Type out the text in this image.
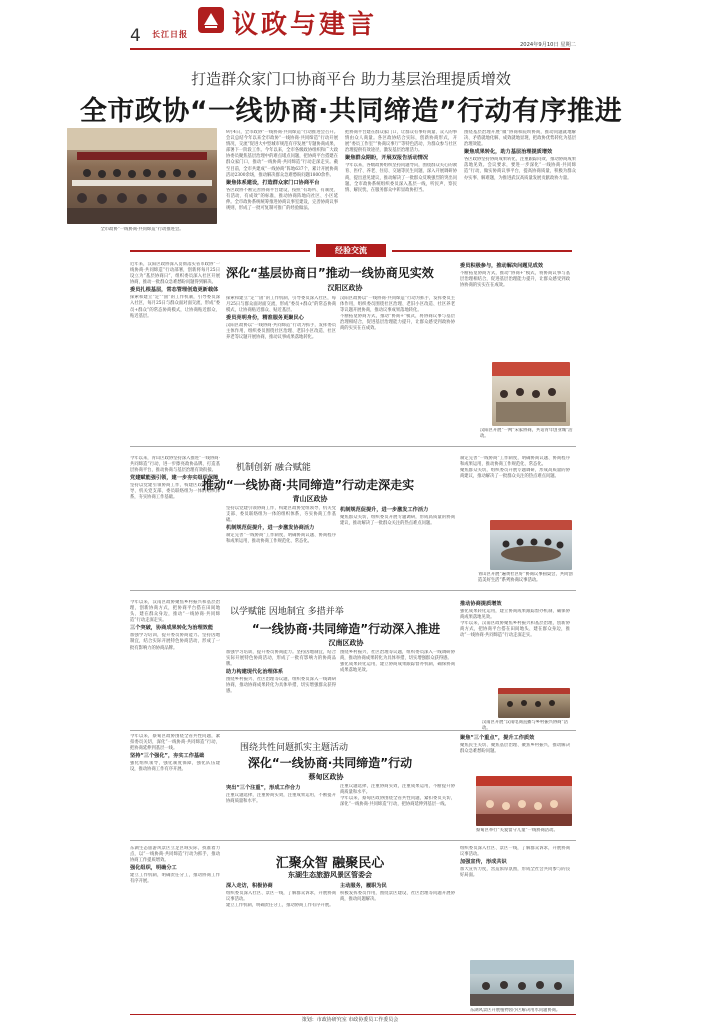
4 长江日报 议政与建言
2024年9月10日 星期二
打造群众家门口协商平台 助力基层治理提质增效
全市政协“一线协商·共同缔造”行动有序推进
全市政协“一线协商·共同缔造”行动推进会。
9月4日，全市政协“一线协商·共同缔造”行动推进会召开。会议总结今年以来全市政协“一线协商·共同缔造”行动开展情况，交流“促进大中型城市规范有序发展”专题协商成果，部署下一阶段工作。今年以来，全市各级政协组织和广大政协委员聚焦基层治理中的难点堵点问题，把协商平台搭建在群众家门口，推动“一线协商·共同缔造”行动走深走实。截至目前，全市共建成“一线协商”阵地637个，累计开展协商活动2300余场，推动解决群众急难愁盼问题1800余件。
聚焦体系建设，打造群众家门口协商平台
各区政协不断完善协商平台建设，按照“有场所、有制度、有活动、有成效”的标准，推动协商阵地向社区、小区延伸。全市政协系统统筹推进协商议事室建设，完善协商议事规则，形成了一批可复制可推广的经验做法。
把协商平台建在群众家门口，让群众有事好商量、众人的事情由众人商量。各区政协结合实际，创新协商形式，开展“委员工作室”“协商议事厅”等特色活动，为群众参与社区治理提供有效途径，激发基层治理活力。
聚焦群众期盼，开展双报告活动情况
今年以来，各级政协组织坚持问题导向，围绕群众关心的教育、医疗、养老、住房、交通等民生问题，深入开展调研协商，提出意见建议，推动解决了一批群众反映强烈的突出问题。全市政协系统组织委员深入基层一线，听民声、察民情、解民忧，在服务群众中彰显政协担当。
围绕基层治理开展“微”协商和院坝协商，推动问题就地解决、矛盾就地化解、成效就地显现，把政协优势转化为基层治理效能。
聚焦成果转化，助力基层治理提质增效
各区政协坚持协商成果转化，注重跟踪问效，推动协商成果落地见效。会议要求，要进一步深化“一线协商·共同缔造”行动，做实协商议事平台，提高协商质量，积极为群众办实事、解难题，为推进武汉高质量发展贡献政协力量。
经验交流
深化“基层协商日”推动一线协商见实效
汉阳区政协
近年来，汉阳区政协深入贯彻落实省市政协“一线协商·共同缔造”行动部署，创新将每月25日设立为“基层协商日”，组织委员深入社区开展协商，推动一批群众急难愁盼问题得到解决。
委员扎根基层，常态管理创造更新载体
探索和建立“定”“固”的工作机制，引导委员深入社区，每月25日与群众面对面交流，形成“委员+群众”的常态协商模式，让协商贴近群众、贴近基层。
探索和建立“定”“固”的工作机制，引导委员深入社区，每月25日与群众面对面交流，形成“委员+群众”的常态协商模式，让协商贴近群众、贴近基层。
委员亮明身份，精准服务更聚民心
汉阳区政协以“一线协商·共同缔造”行动为抓手，发挥委员主体作用，组织委员围绕社区治理、老旧小区改造、社区养老等议题开展协商，推动议事成果落地转化。
汉阳区政协以“一线协商·共同缔造”行动为抓手，发挥委员主体作用，组织委员围绕社区治理、老旧小区改造、社区养老等议题开展协商，推动议事成果落地转化。
不断拓宽协商方式，推动“协商+”模式，将协商议事与基层治理相结合，促进基层治理能力提升，让群众感受到政协协商的实实在在成效。
委员积极参与，推动解决问题见成效
不断拓宽协商方式，推动“协商+”模式，将协商议事与基层治理相结合，促进基层治理能力提升，让群众感受到政协协商的实实在在成效。
汉阳区开展“一网”宋家协商，共话青年创业城”活动。
机制创新 融合赋能
推动“一线协商·共同缔造”行动走深走实
青山区政协
今年以来，青山区政协坚持深入推进“一线协商·共同缔造”行动，进一步擦亮政协品牌，打造基层协商平台，推动协商与基层治理有效衔接。
党建赋能强引领，建一步夯实组织保障
坚持以党建引领协商工作，构建区政协党组领导、机关党支部、委员联络组为一体的组织体系，夯实协商工作基础。
坚持以党建引领协商工作，构建区政协党组领导、机关党支部、委员联络组为一体的组织体系，夯实协商工作基础。
机制规范促提升，进一步激发协商活力
制定完善“一线协商”工作制度，明确协商议题、协商程序和成果运用，推动协商工作规范化、常态化。
机制规范促提升，进一步激发工作活力
聚焦群众关切，组织委员开展专题调研，形成高质量的协商建议，推动解决了一批群众关注的热点难点问题。
制定完善“一线协商”工作制度，明确协商议题、协商程序和成果运用，推动协商工作规范化、常态化。
聚焦群众关切，组织委员开展专题调研，形成高质量的协商建议，推动解决了一批群众关注的热点难点问题。
青山区开展“遍黄社区好”协商议事圆桌会，共同创造美好生活”系列协商议事活动。
以学赋能 因地制宜 多措并举
“一线协商·共同缔造”行动深入推进
汉南区政协
今年以来，汉南区政协聚焦乡村振兴和基层治理，创新协商方式，把协商平台搭在田间地头、建在群众身边，推动“一线协商·共同缔造”行动走深走实。
三个突破，协商成果转化为治理效能
加强学习培训，提升委员协商能力。坚持因地制宜，结合实际开展特色协商活动，形成了一批有影响力的协商品牌。
加强学习培训，提升委员协商能力。坚持因地制宜，结合实际开展特色协商活动，形成了一批有影响力的协商品牌。
助力构建现代化治理体系
围绕乡村振兴、社区治理等议题，组织委员深入一线调研协商，推动协商成果转化为具体举措，切实增强群众获得感。
围绕乡村振兴、社区治理等议题，组织委员深入一线调研协商，推动协商成果转化为具体举措，切实增强群众获得感。
强化成果转化运用，建立协商成果跟踪督办机制，确保协商成果落地见效。
推动协商提质增效
强化成果转化运用，建立协商成果跟踪督办机制，确保协商成果落地见效。
今年以来，汉南区政协聚焦乡村振兴和基层治理，创新协商方式，把协商平台搭在田间地头、建在群众身边，推动“一线协商·共同缔造”行动走深走实。
汉南区开展“汉南电商直播与乡村振兴协商”活动。
围绕共性问题抓实主题活动
深化“一线协商·共同缔造”行动
蔡甸区政协
今年以来，蔡甸区政协围绕全省共性问题，紧扣委员关切，深化“一线协商·共同缔造”行动，把协商延伸到基层一线。
坚持“三个强化”，夯实工作基础
强化组织领导，强化制度保障，强化队伍建设，推动协商工作有序开展。
突出“三个注重”，形成工作合力
注重议题选择，注重协商实效，注重成果运用，不断提升协商质量和水平。
注重议题选择，注重协商实效，注重成果运用，不断提升协商质量和水平。
今年以来，蔡甸区政协围绕全省共性问题，紧扣委员关切，深化“一线协商·共同缔造”行动，把协商延伸到基层一线。
聚焦“三个重点”，提升工作质效
聚焦民生关切、聚焦基层治理、聚焦乡村振兴，推动解决群众急难愁盼问题。
蔡甸区举行“关爱留守儿童”一线协商活动。
汇聚众智 融聚民心
东湖生态旅游风景区管委会
东湖生态旅游风景区立足区域实际，找准着力点，以“一线协商·共同缔造”行动为抓手，推动协商工作提质增效。
强化组织，明确分工
建立工作机制，明确责任分工，推动协商工作有序开展。
深入走访，积极协商
组织委员深入社区、景区一线，了解群众诉求，开展协商议事活动。
建立工作机制，明确责任分工，推动协商工作有序开展。
主动服务，履职为民
积极发挥委员作用，围绕景区建设、社区治理等问题开展协商，推动问题解决。
组织委员深入社区、景区一线，了解群众诉求，开展协商议事活动。
加强宣传，形成共识
加大宣传力度，营造浓厚氛围，形成全社会共同参与的良好局面。
东湖风景区开展植物园小区解决用水问题协商。
策划：市政协研究室 市政协委员工作委员会
